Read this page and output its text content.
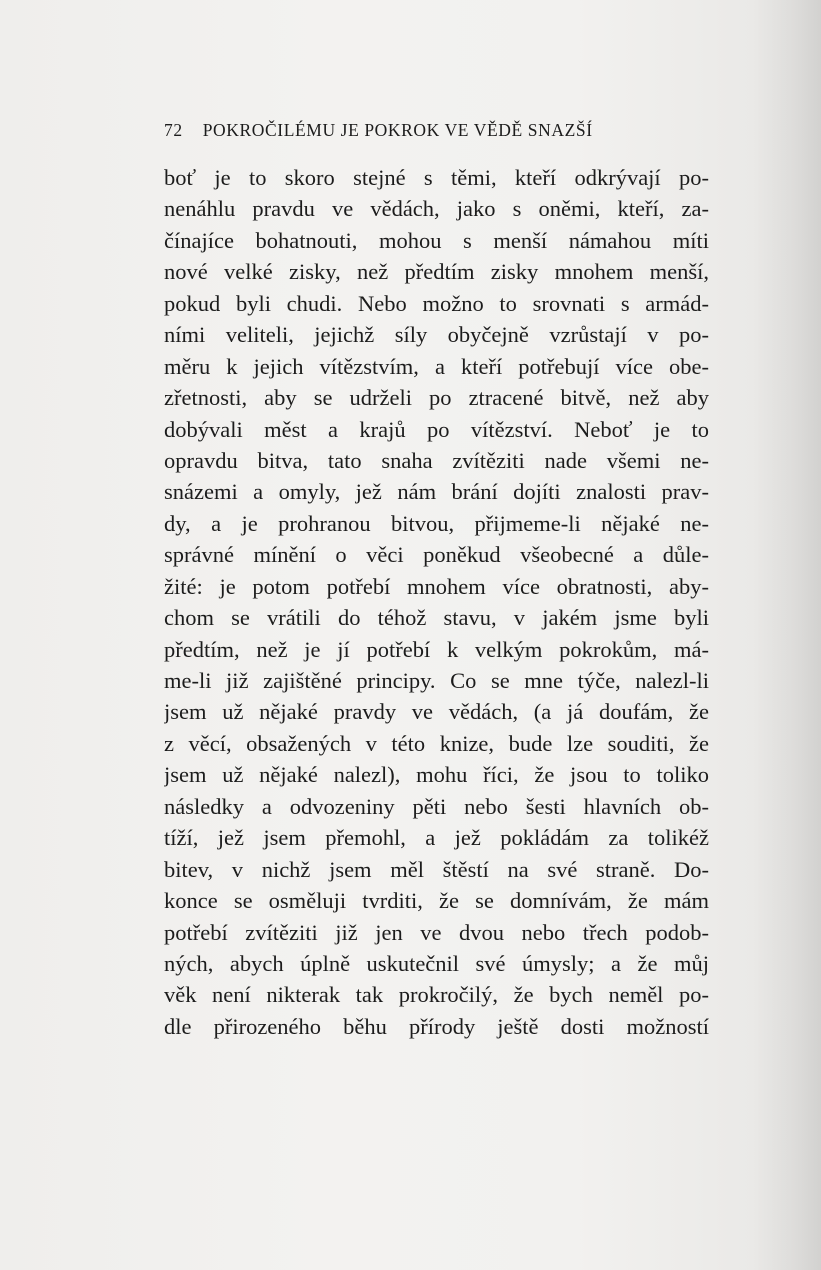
72 POKROČILÉMU JE POKROK VE VĚDĚ SNAZŠÍ
boť je to skoro stejné s těmi, kteří odkrývají po-
nenáhlu pravdu ve vědách, jako s oněmi, kteří, za-
čínajíce bohatnouti, mohou s menší námahou míti
nové velké zisky, než předtím zisky mnohem menší,
pokud byli chudi. Nebo možno to srovnati s armád-
ními veliteli, jejichž síly obyčejně vzrůstají v po-
měru k jejich vítězstvím, a kteří potřebují více obe-
zřetnosti, aby se udrželi po ztracené bitvě, než aby
dobývali měst a krajů po vítězství. Neboť je to
opravdu bitva, tato snaha zvítěziti nade všemi ne-
snázemi a omyly, jež nám brání dojíti znalosti prav-
dy, a je prohranou bitvou, přijmeme-li nějaké ne-
správné mínění o věci poněkud všeobecné a důle-
žité: je potom potřebí mnohem více obratnosti, aby-
chom se vrátili do téhož stavu, v jakém jsme byli
předtím, než je jí potřebí k velkým pokrokům, má-
me-li již zajištěné principy. Co se mne týče, nalezl-li
jsem už nějaké pravdy ve vědách, (a já doufám, že
z věcí, obsažených v této knize, bude lze souditi, že
jsem už nějaké nalezl), mohu říci, že jsou to toliko
následky a odvozeniny pěti nebo šesti hlavních ob-
tíží, jež jsem přemohl, a jež pokládám za tolikéž
bitev, v nichž jsem měl štěstí na své straně. Do-
konce se osměluji tvrditi, že se domnívám, že mám
potřebí zvítěziti již jen ve dvou nebo třech podob-
ných, abych úplně uskutečnil své úmysly; a že můj
věk není nikterak tak prokročilý, že bych neměl po-
dle přirozeného běhu přírody ještě dosti možností
